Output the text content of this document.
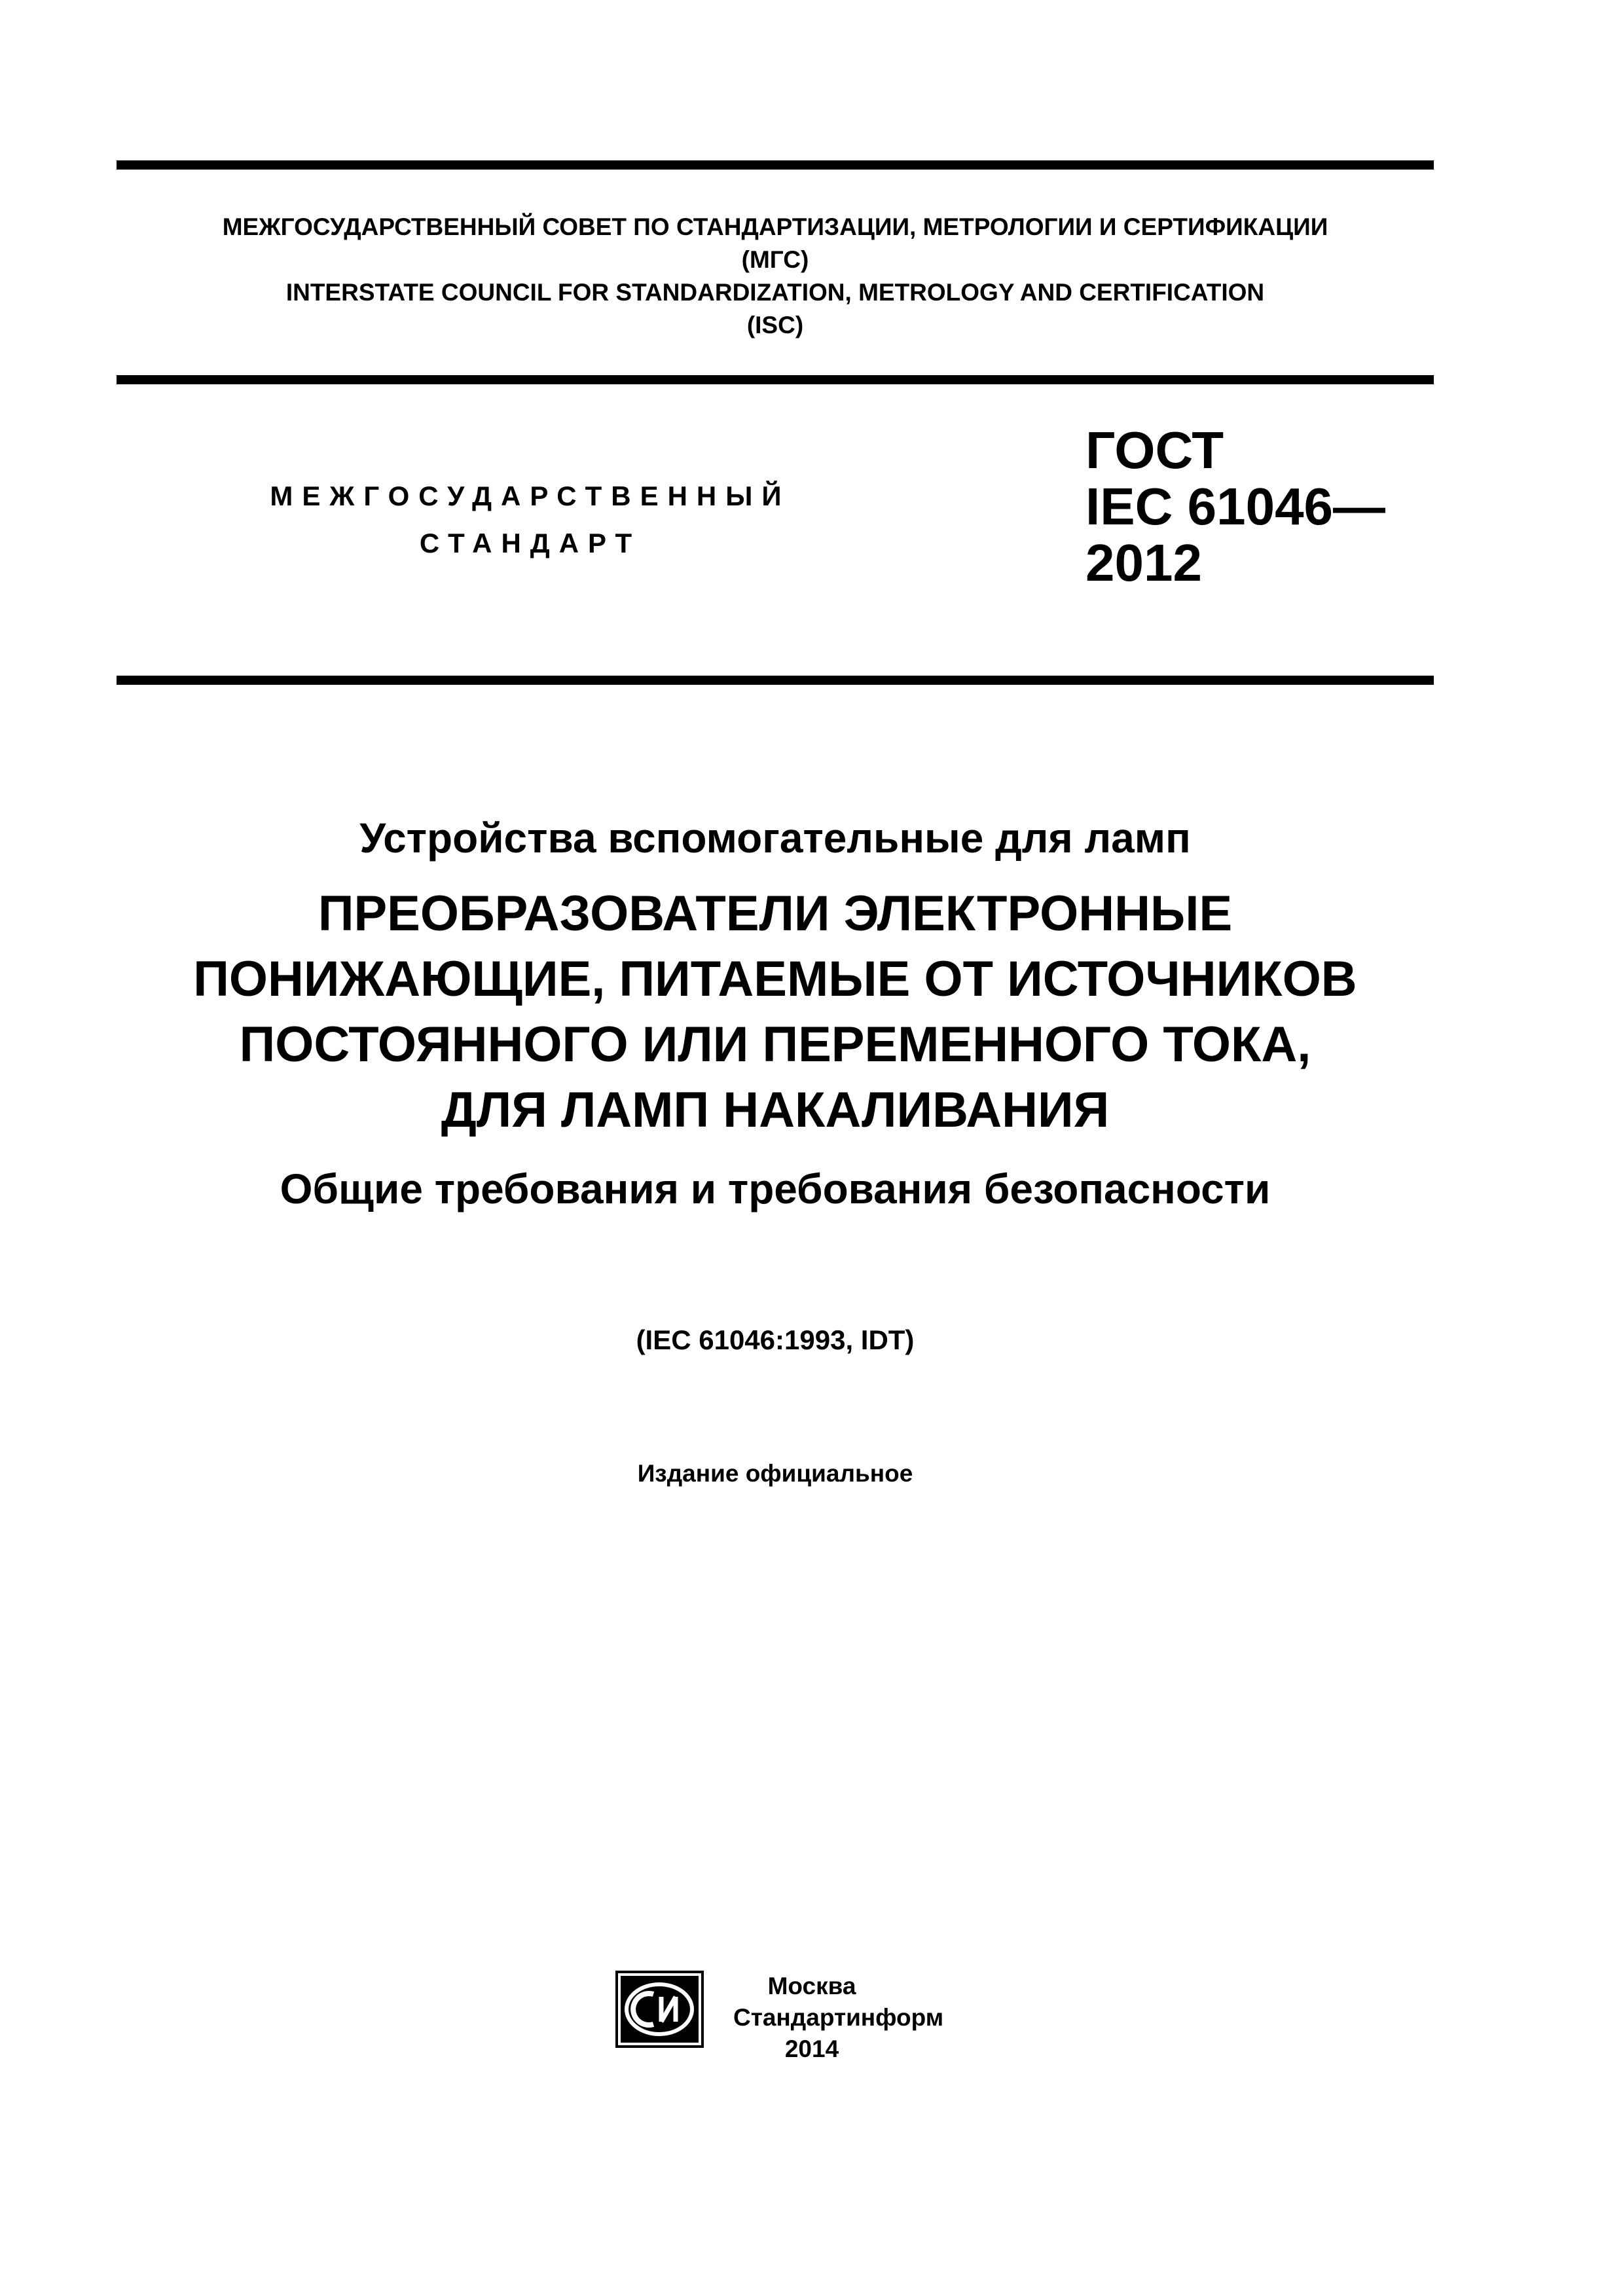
МЕЖГОСУДАРСТВЕННЫЙ СОВЕТ ПО СТАНДАРТИЗАЦИИ, МЕТРОЛОГИИ И СЕРТИФИКАЦИИ
(МГС)
INTERSTATE COUNCIL FOR STANDARDIZATION, METROLOGY AND CERTIFICATION
(ISC)
МЕЖГОСУДАРСТВЕННЫЙ
СТАНДАРТ
ГОСТ
IEC 61046—
2012
Устройства вспомогательные для ламп
ПРЕОБРАЗОВАТЕЛИ ЭЛЕКТРОННЫЕ
ПОНИЖАЮЩИЕ, ПИТАЕМЫЕ ОТ ИСТОЧНИКОВ
ПОСТОЯННОГО ИЛИ ПЕРЕМЕННОГО ТОКА,
ДЛЯ ЛАМП НАКАЛИВАНИЯ
Общие требования и требования безопасности
(IEC 61046:1993, IDT)
Издание официальное
Москва
Стандартинформ
2014
